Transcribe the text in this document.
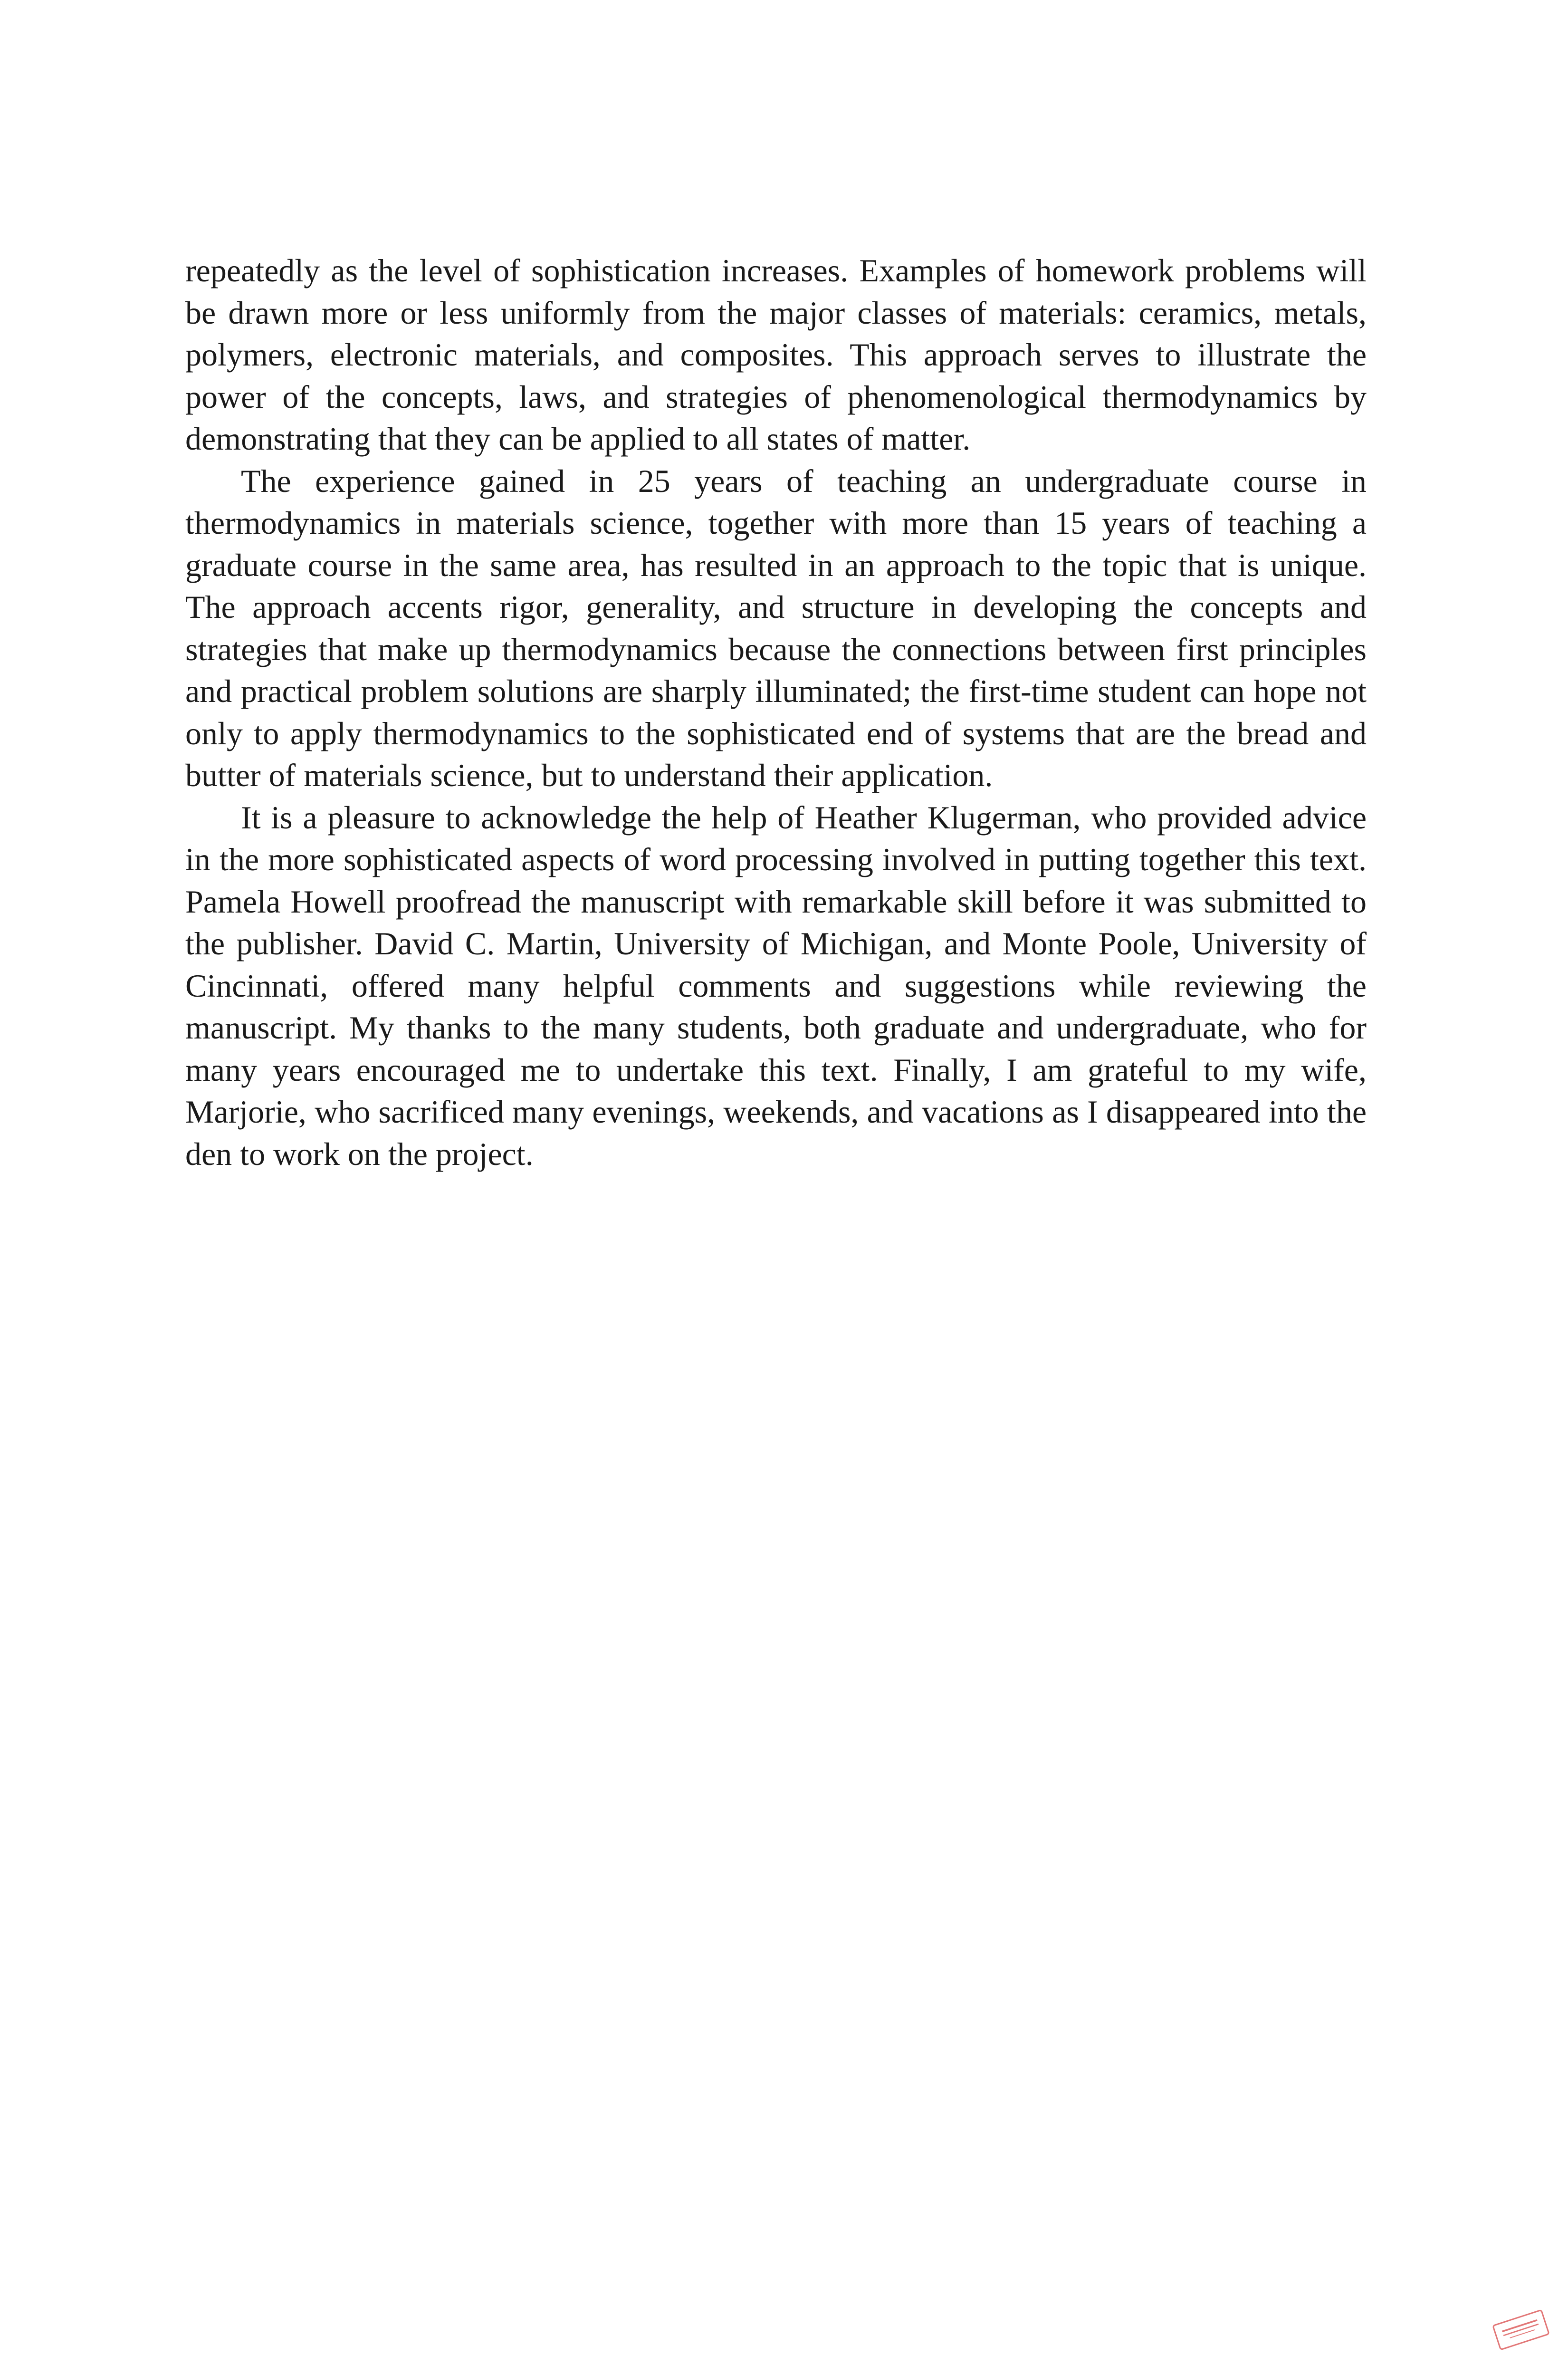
repeatedly as the level of sophistication increases. Examples of homework problems will be drawn more or less uniformly from the major classes of materials: ceramics, metals, polymers, electronic materials, and composites. This approach serves to illustrate the power of the concepts, laws, and strategies of phenomenological thermodynamics by demonstrating that they can be applied to all states of matter.

The experience gained in 25 years of teaching an undergraduate course in thermodynamics in materials science, together with more than 15 years of teaching a graduate course in the same area, has resulted in an approach to the topic that is unique. The approach accents rigor, generality, and structure in developing the concepts and strategies that make up thermodynamics because the connections between first principles and practical problem solutions are sharply illuminated; the first-time student can hope not only to apply thermodynamics to the sophisticated end of systems that are the bread and butter of materials science, but to understand their application.

It is a pleasure to acknowledge the help of Heather Klugerman, who provided advice in the more sophisticated aspects of word processing involved in putting together this text. Pamela Howell proofread the manuscript with remarkable skill before it was submitted to the publisher. David C. Martin, University of Michigan, and Monte Poole, University of Cincinnati, offered many helpful comments and suggestions while reviewing the manuscript. My thanks to the many students, both graduate and undergraduate, who for many years encouraged me to undertake this text. Finally, I am grateful to my wife, Marjorie, who sacrificed many evenings, weekends, and vacations as I disappeared into the den to work on the project.
